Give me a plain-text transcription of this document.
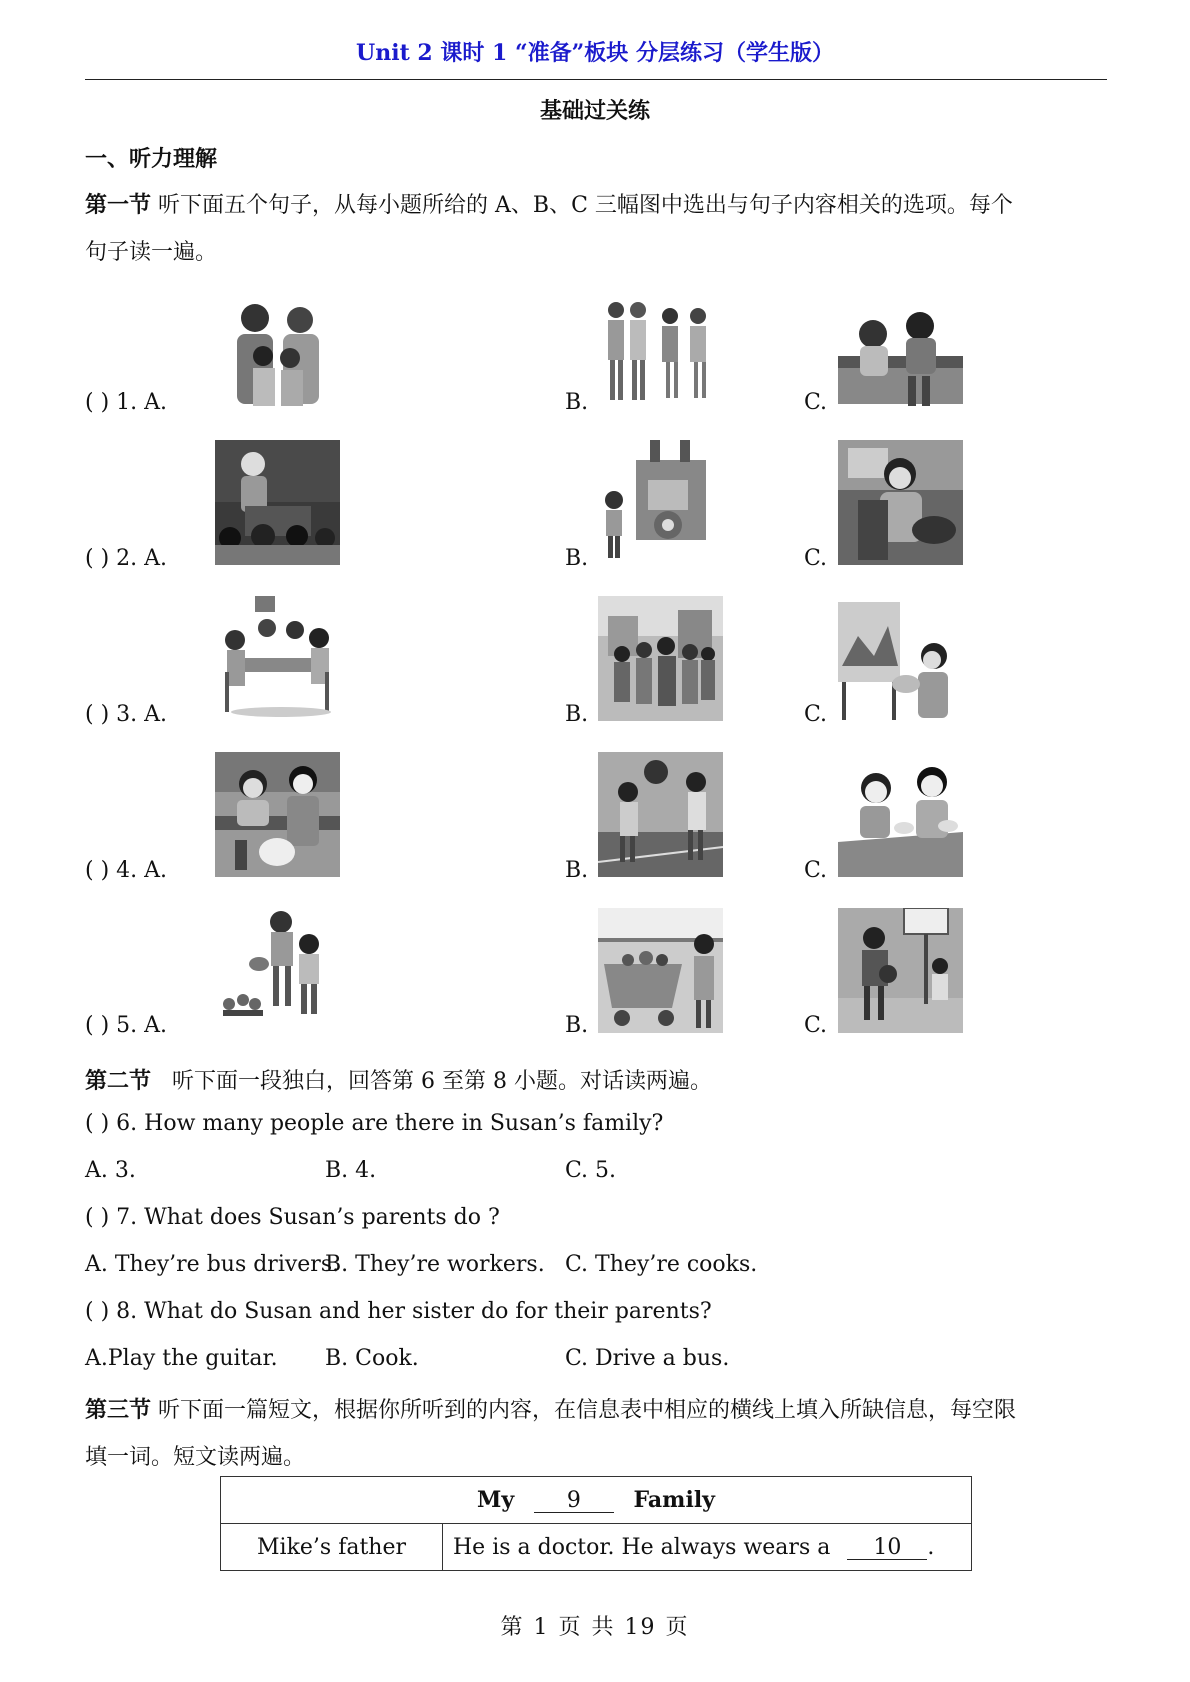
Unit 2 课时 1 “准备”板块 分层练习（学生版）
基础过关练
一、听力理解
第一节 听下面五个句子，从每小题所给的 A、B、C 三幅图中选出与句子内容相关的选项。每个
句子读一遍。
( ) 1. A.	B.	C.
( ) 2. A.	B.	C.
( ) 3. A.	B.	C.
( ) 4. A.	B.	C.
( ) 5. A.	B.	C.
第二节 听下面一段独白，回答第 6 至第 8 小题。对话读两遍。
( ) 6. How many people are there in Susan’s family?
A. 3.	B. 4.	C. 5.
( ) 7. What does Susan’s parents do ?
A. They’re bus drivers.
B. They’re workers. C. They’re cooks.
( ) 8. What do Susan and her sister do for their parents?
A.Play the guitar. B. Cook.	C. Drive a bus.
第三节 听下面一篇短文，根据你所听到的内容，在信息表中相应的横线上填入所缺信息，每空限
填一词。短文读两遍。
My 9 Family
Mike’s father	He is a doctor. He always wears a 10 .
第 1 页 共 19 页
